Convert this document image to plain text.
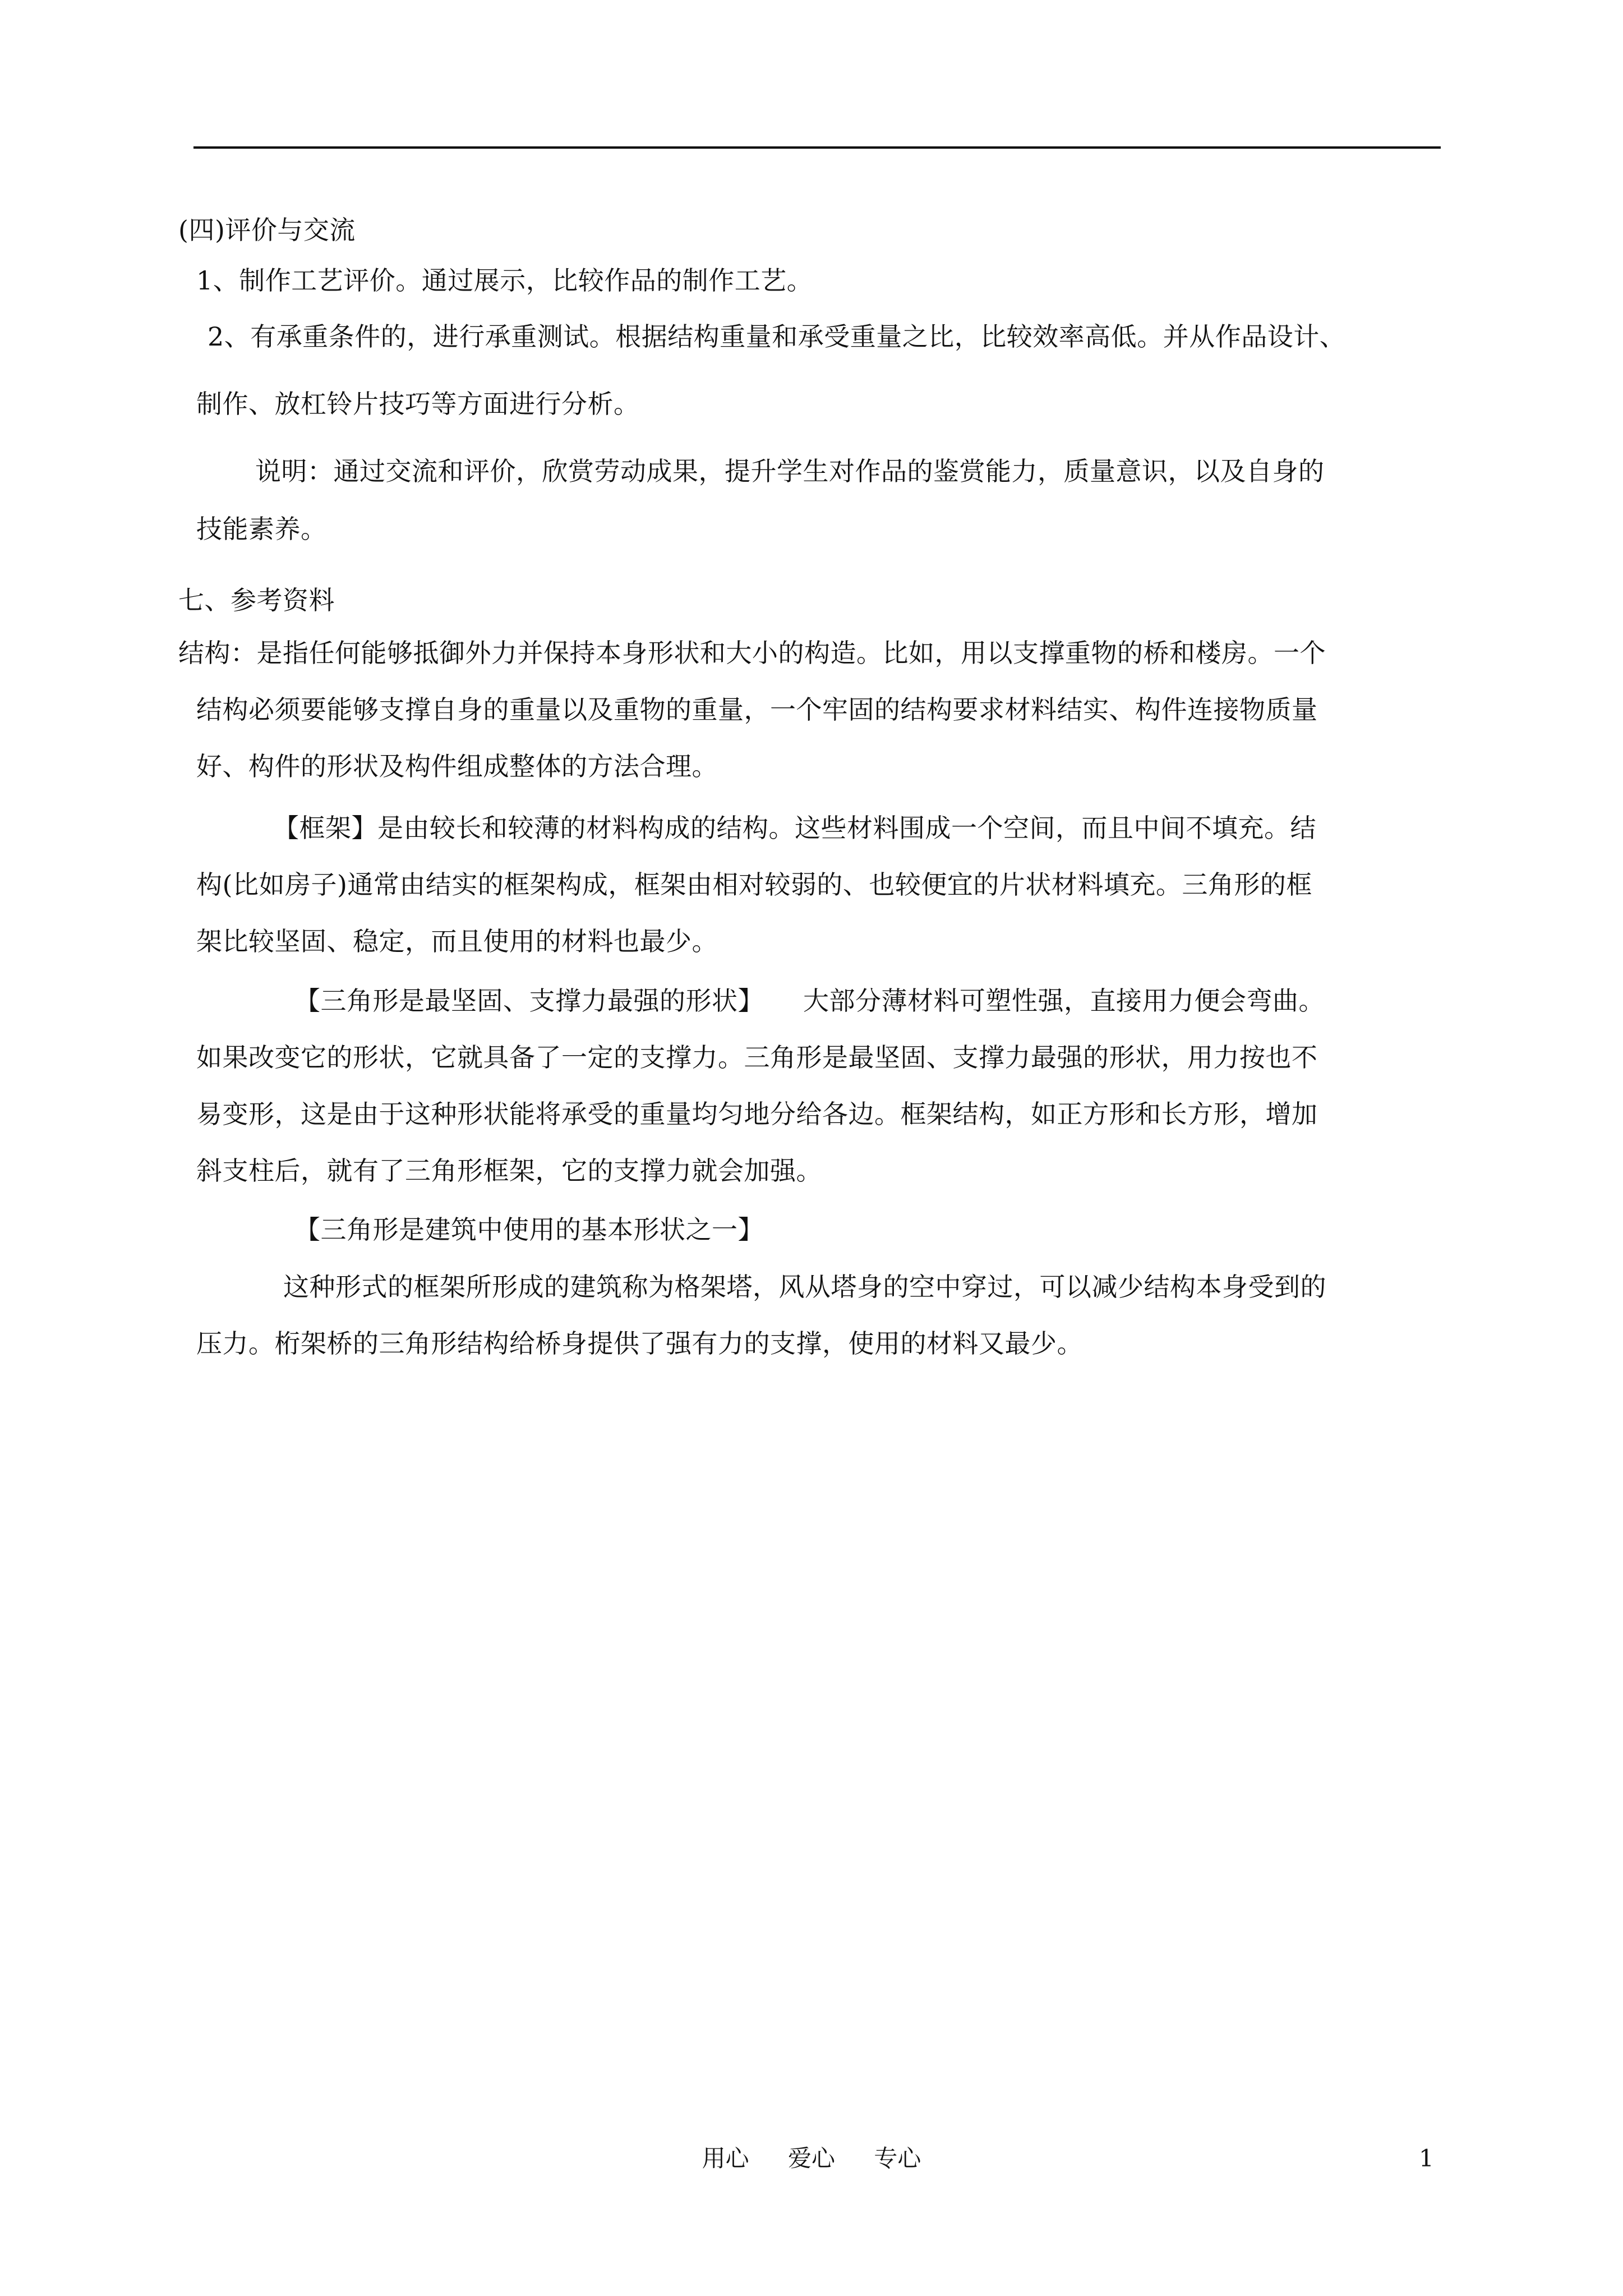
(四)评价与交流
1、制作工艺评价。通过展示，比较作品的制作工艺。
2、有承重条件的，进行承重测试。根据结构重量和承受重量之比，比较效率高低。并从作品设计、
制作、放杠铃片技巧等方面进行分析。
说明：通过交流和评价，欣赏劳动成果，提升学生对作品的鉴赏能力，质量意识，以及自身的
技能素养。
七、参考资料
结构：是指任何能够抵御外力并保持本身形状和大小的构造。比如，用以支撑重物的桥和楼房。一个
结构必须要能够支撑自身的重量以及重物的重量，一个牢固的结构要求材料结实、构件连接物质量
好、构件的形状及构件组成整体的方法合理。
【框架】是由较长和较薄的材料构成的结构。这些材料围成一个空间，而且中间不填充。结
构(比如房子)通常由结实的框架构成，框架由相对较弱的、也较便宜的片状材料填充。三角形的框
架比较坚固、稳定，而且使用的材料也最少。
【三角形是最坚固、支撑力最强的形状】　　大部分薄材料可塑性强，直接用力便会弯曲。
如果改变它的形状，它就具备了一定的支撑力。三角形是最坚固、支撑力最强的形状，用力按也不
易变形，这是由于这种形状能将承受的重量均匀地分给各边。框架结构，如正方形和长方形，增加
斜支柱后，就有了三角形框架，它的支撑力就会加强。
【三角形是建筑中使用的基本形状之一】
这种形式的框架所形成的建筑称为格架塔，风从塔身的空中穿过，可以减少结构本身受到的
压力。桁架桥的三角形结构给桥身提供了强有力的支撑，使用的材料又最少。
用心 爱心 专心	1
